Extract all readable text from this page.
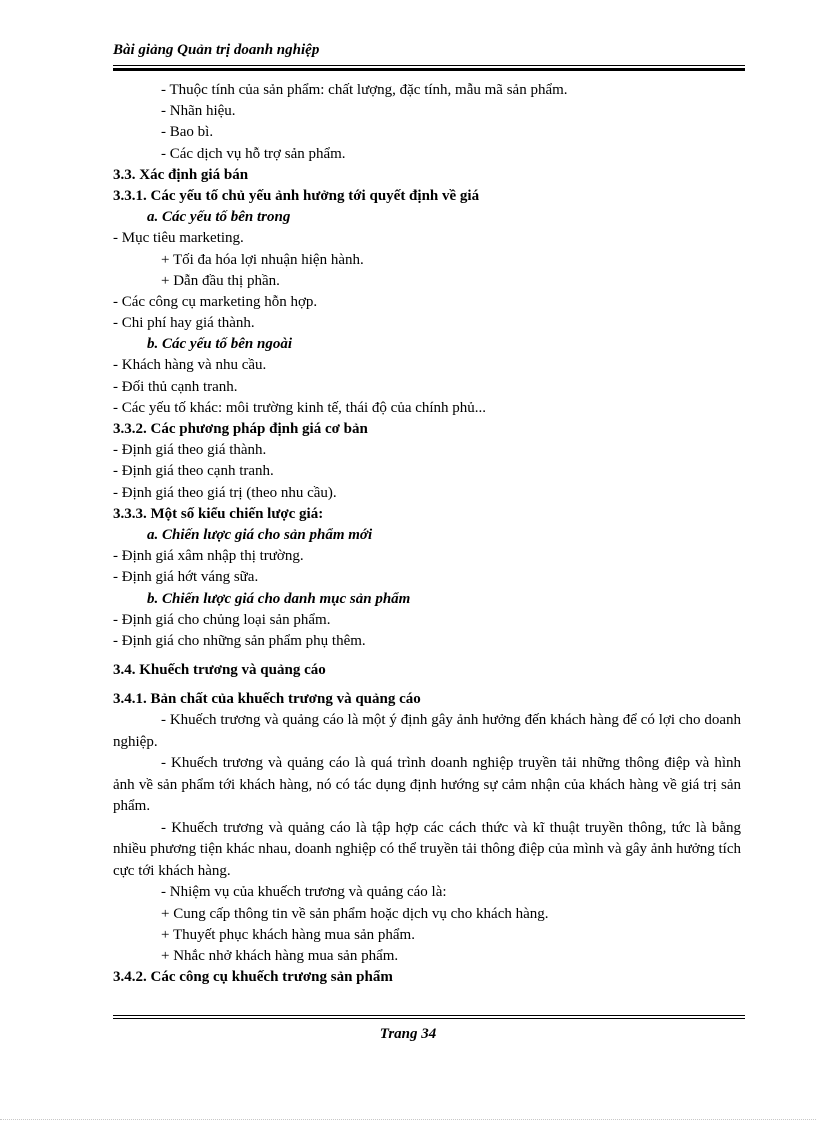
Bài giảng Quản trị doanh nghiệp
- Thuộc tính của sản phẩm: chất lượng, đặc tính, mẫu mã sản phẩm.
- Nhãn hiệu.
- Bao bì.
- Các dịch vụ hỗ trợ sản phẩm.
3.3. Xác định giá bán
3.3.1. Các yếu tố chủ yếu ảnh hưởng tới quyết định về giá
a. Các yếu tố bên trong
- Mục tiêu marketing.
+ Tối đa hóa lợi nhuận hiện hành.
+ Dẫn đầu thị phần.
- Các công cụ marketing hỗn hợp.
- Chi phí hay giá thành.
b. Các yếu tố bên ngoài
- Khách hàng và nhu cầu.
- Đối thủ cạnh tranh.
- Các yếu tố khác: môi trường kinh tế, thái độ của chính phủ...
3.3.2. Các phương pháp định giá cơ bản
- Định giá theo giá thành.
- Định giá theo cạnh tranh.
- Định giá theo giá trị (theo nhu cầu).
3.3.3. Một số kiểu chiến lược giá:
a. Chiến lược giá cho sản phẩm mới
- Định giá xâm nhập thị trường.
- Định giá hớt váng sữa.
b. Chiến lược giá cho danh mục sản phẩm
- Định giá cho chủng loại sản phẩm.
- Định giá cho những sản phẩm phụ thêm.
3.4. Khuếch trương và quảng cáo
3.4.1. Bản chất của khuếch trương và quảng cáo

- Khuếch trương và quảng cáo là một ý định gây ảnh hưởng đến khách hàng để có lợi cho doanh nghiệp.

- Khuếch trương và quảng cáo là quá trình doanh nghiệp truyền tải những thông điệp và hình ảnh về sản phẩm tới khách hàng, nó có tác dụng định hướng sự cảm nhận của khách hàng về giá trị sản phẩm.

- Khuếch trương và quảng cáo là tập hợp các cách thức và kĩ thuật truyền thông, tức là bằng nhiều phương tiện khác nhau, doanh nghiệp có thể truyền tải thông điệp của mình và gây ảnh hưởng tích cực tới khách hàng.

- Nhiệm vụ của khuếch trương và quảng cáo là:
+ Cung cấp thông tin về sản phẩm hoặc dịch vụ cho khách hàng.
+ Thuyết phục khách hàng mua sản phẩm.
+ Nhắc nhở khách hàng mua sản phẩm.
3.4.2. Các công cụ khuếch trương sản phẩm
Trang 34
